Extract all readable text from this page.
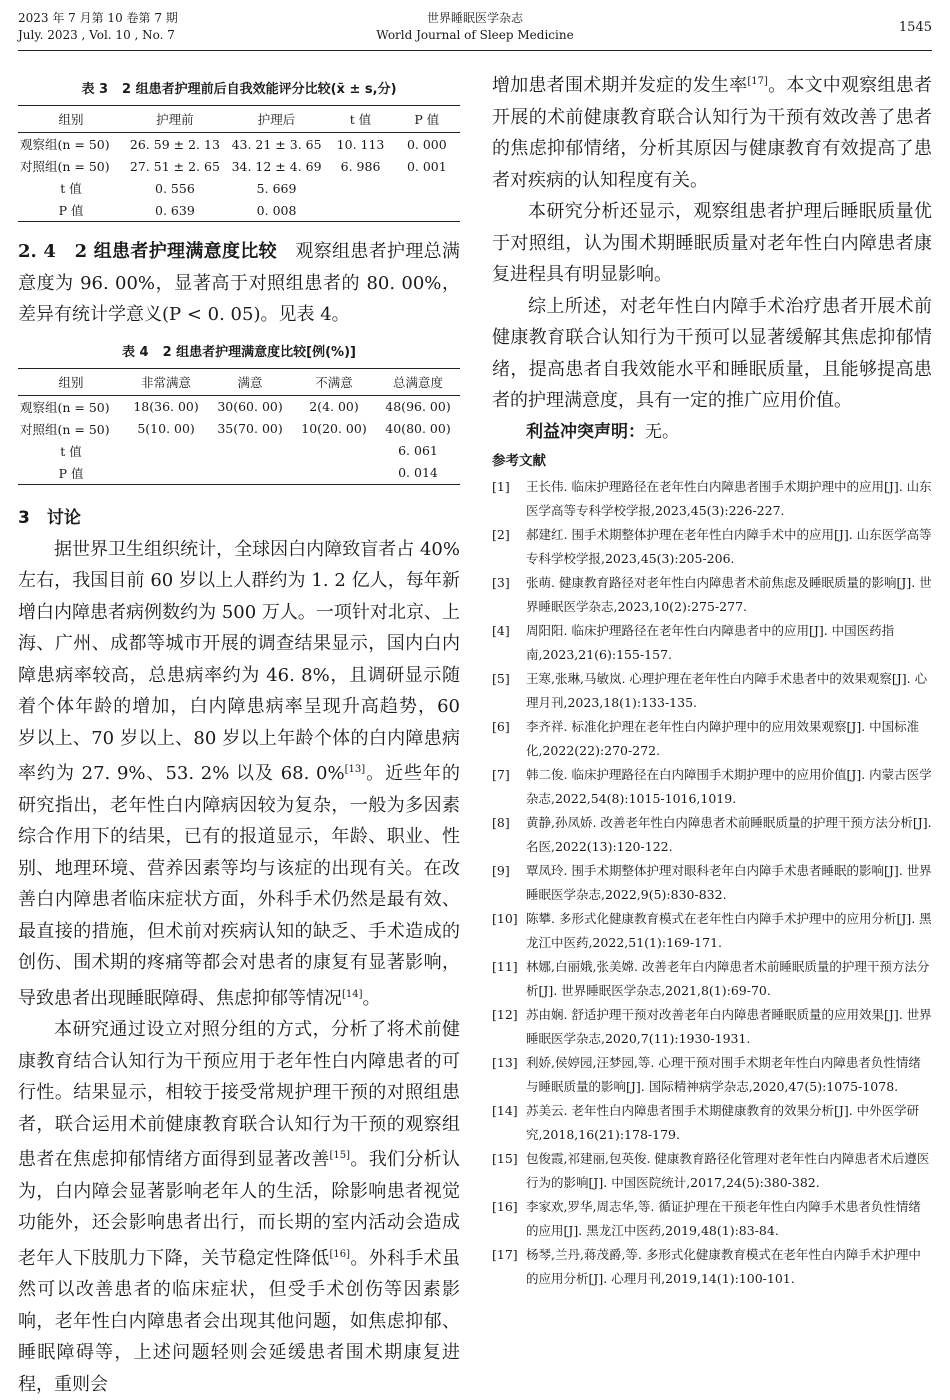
2023 年 7 月第 10 卷第 7 期
July. 2023 , Vol. 10 , No. 7
世界睡眠医学杂志
World Journal of Sleep Medicine	1545
表 3 2 组患者护理前后自我效能评分比较(x̄ ± s,分)
组别	护理前	护理后	t 值	P 值
观察组(n = 50)	26. 59 ± 2. 13	43. 21 ± 3. 65	10. 113	0. 000
对照组(n = 50)	27. 51 ± 2. 65	34. 12 ± 4. 69	6. 986	0. 001
t 值	0. 556	5. 669		
P 值	0. 639	0. 008		
2. 4　2 组患者护理满意度比较　 观察组患者护理总满意度为 96. 00%，显著高于对照组患者的 80. 00%，差异有统计学意义(P < 0. 05)。见表 4。
表 4 2 组患者护理满意度比较[例(%)]
组别	非常满意	满意	不满意	总满意度
观察组(n = 50)	18(36. 00)	30(60. 00)	2(4. 00)	48(96. 00)
对照组(n = 50)	5(10. 00)	35(70. 00)	10(20. 00)	40(80. 00)
t 值				6. 061
P 值				0. 014
3　讨论

据世界卫生组织统计，全球因白内障致盲者占 40% 左右，我国目前 60 岁以上人群约为 1. 2 亿人，每年新增白内障患者病例数约为 500 万人。一项针对北京、上海、广州、成都等城市开展的调查结果显示，国内白内障患病率较高，总患病率约为 46. 8%，且调研显示随着个体年龄的增加，白内障患病率呈现升高趋势，60 岁以上、70 岁以上、80 岁以上年龄个体的白内障患病率约为 27. 9%、53. 2% 以及 68. 0%[13]。近些年的研究指出，老年性白内障病因较为复杂，一般为多因素综合作用下的结果，已有的报道显示，年龄、职业、性别、地理环境、营养因素等均与该症的出现有关。在改善白内障患者临床症状方面，外科手术仍然是最有效、最直接的措施，但术前对疾病认知的缺乏、手术造成的创伤、围术期的疼痛等都会对患者的康复有显著影响，导致患者出现睡眠障碍、焦虑抑郁等情况[14]。

本研究通过设立对照分组的方式，分析了将术前健康教育结合认知行为干预应用于老年性白内障患者的可行性。结果显示，相较于接受常规护理干预的对照组患者，联合运用术前健康教育联合认知行为干预的观察组患者在焦虑抑郁情绪方面得到显著改善[15]。我们分析认为，白内障会显著影响老年人的生活，除影响患者视觉功能外，还会影响患者出行，而长期的室内活动会造成老年人下肢肌力下降，关节稳定性降低[16]。外科手术虽然可以改善患者的临床症状，但受手术创伤等因素影响，老年性白内障患者会出现其他问题，如焦虑抑郁、睡眠障碍等，上述问题轻则会延缓患者围术期康复进程，重则会

增加患者围术期并发症的发生率[17]。本文中观察组患者开展的术前健康教育联合认知行为干预有效改善了患者的焦虑抑郁情绪，分析其原因与健康教育有效提高了患者对疾病的认知程度有关。

本研究分析还显示，观察组患者护理后睡眠质量优于对照组，认为围术期睡眠质量对老年性白内障患者康复进程具有明显影响。

综上所述，对老年性白内障手术治疗患者开展术前健康教育联合认知行为干预可以显著缓解其焦虑抑郁情绪，提高患者自我效能水平和睡眠质量，且能够提高患者的护理满意度，具有一定的推广应用价值。

利益冲突声明：无。

参考文献
[1]	王长伟. 临床护理路径在老年性白内障患者围手术期护理中的应用[J]. 山东医学高等专科学校学报,2023,45(3):226-227.
[2]	郝建红. 围手术期整体护理在老年性白内障手术中的应用[J]. 山东医学高等专科学校学报,2023,45(3):205-206.
[3]	张萌. 健康教育路径对老年性白内障患者术前焦虑及睡眠质量的影响[J]. 世界睡眠医学杂志,2023,10(2):275-277.
[4]	周阳阳. 临床护理路径在老年性白内障患者中的应用[J]. 中国医药指南,2023,21(6):155-157.
[5]	王寒,张琳,马敏岚. 心理护理在老年性白内障手术患者中的效果观察[J]. 心理月刊,2023,18(1):133-135.
[6]	李齐祥. 标准化护理在老年性白内障护理中的应用效果观察[J]. 中国标准化,2022(22):270-272.
[7]	韩二俊. 临床护理路径在白内障围手术期护理中的应用价值[J]. 内蒙古医学杂志,2022,54(8):1015-1016,1019.
[8]	黄静,孙凤娇. 改善老年性白内障患者术前睡眠质量的护理干预方法分析[J]. 名医,2022(13):120-122.
[9]	覃凤玲. 围手术期整体护理对眼科老年白内障手术患者睡眠的影响[J]. 世界睡眠医学杂志,2022,9(5):830-832.
[10] 陈攀. 多形式化健康教育模式在老年性白内障手术护理中的应用分析[J]. 黑龙江中医药,2022,51(1):169-171.
[11] 林娜,白丽娥,张美嫦. 改善老年白内障患者术前睡眠质量的护理干预方法分析[J]. 世界睡眠医学杂志,2021,8(1):69-70.
[12] 苏由娴. 舒适护理干预对改善老年白内障患者睡眠质量的应用效果[J]. 世界睡眠医学杂志,2020,7(11):1930-1931.
[13] 利娇,侯婷园,汪梦园,等. 心理干预对围手术期老年性白内障患者负性情绪与睡眠质量的影响[J]. 国际精神病学杂志,2020,47(5):1075-1078.
[14] 苏美云. 老年性白内障患者围手术期健康教育的效果分析[J]. 中外医学研究,2018,16(21):178-179.
[15] 包俊霞,祁建丽,包英俊. 健康教育路径化管理对老年性白内障患者术后遵医行为的影响[J]. 中国医院统计,2017,24(5):380-382.
[16] 李家欢,罗华,周志华,等. 循证护理在干预老年性白内障手术患者负性情绪的应用[J]. 黑龙江中医药,2019,48(1):83-84.
[17] 杨琴,兰丹,蒋茂爵,等. 多形式化健康教育模式在老年性白内障手术护理中的应用分析[J]. 心理月刊,2019,14(1):100-101.
